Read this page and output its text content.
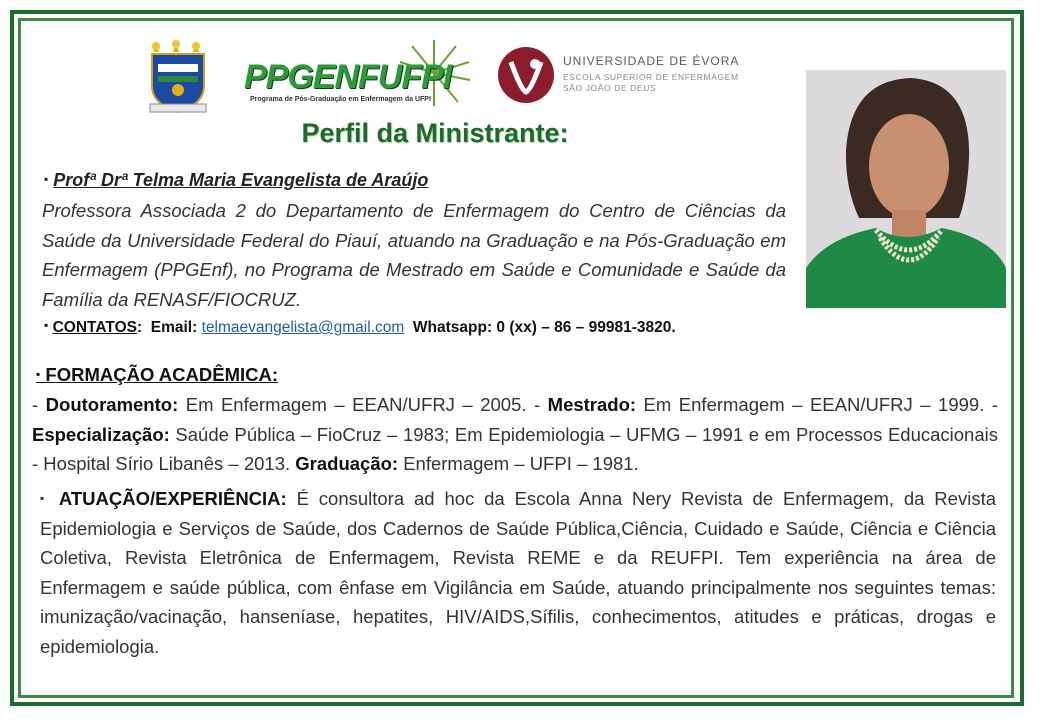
PPGENFUFPI
Programa de Pós-Graduação em Enfermagem da UFPI
UNIVERSIDADE DE ÉVORA
ESCOLA SUPERIOR DE ENFERMAGEM
SÃO JOÃO DE DEUS
Perfil da Ministrante:
▪ Profª Drª Telma Maria Evangelista de Araújo
Professora Associada 2 do Departamento de Enfermagem do Centro de Ciências da Saúde da Universidade Federal do Piauí, atuando na Graduação e na Pós-Graduação em Enfermagem (PPGEnf), no Programa de Mestrado em Saúde e Comunidade e Saúde da Família da RENASF/FIOCRUZ.
▪ CONTATOS:  Email: telmaevangelista@gmail.com Whatsapp: 0 (xx) – 86 – 99981-3820.
▪ FORMAÇÃO ACADÊMICA:
- Doutoramento: Em Enfermagem – EEAN/UFRJ – 2005. - Mestrado: Em Enfermagem – EEAN/UFRJ – 1999. - Especialização: Saúde Pública – FioCruz – 1983; Em Epidemiologia – UFMG – 1991 e em Processos Educacionais - Hospital Sírio Libanês – 2013. Graduação: Enfermagem – UFPI – 1981.
▪ ATUAÇÃO/EXPERIÊNCIA: É consultora ad hoc da Escola Anna Nery Revista de Enfermagem, da Revista Epidemiologia e Serviços de Saúde, dos Cadernos de Saúde Pública,Ciência, Cuidado e Saúde, Ciência e Ciência Coletiva, Revista Eletrônica de Enfermagem, Revista REME e da REUFPI. Tem experiência na área de Enfermagem e saúde pública, com ênfase em Vigilância em Saúde, atuando principalmente nos seguintes temas: imunização/vacinação, hanseníase, hepatites, HIV/AIDS,Sífilis, conhecimentos, atitudes e práticas, drogas e epidemiologia.
